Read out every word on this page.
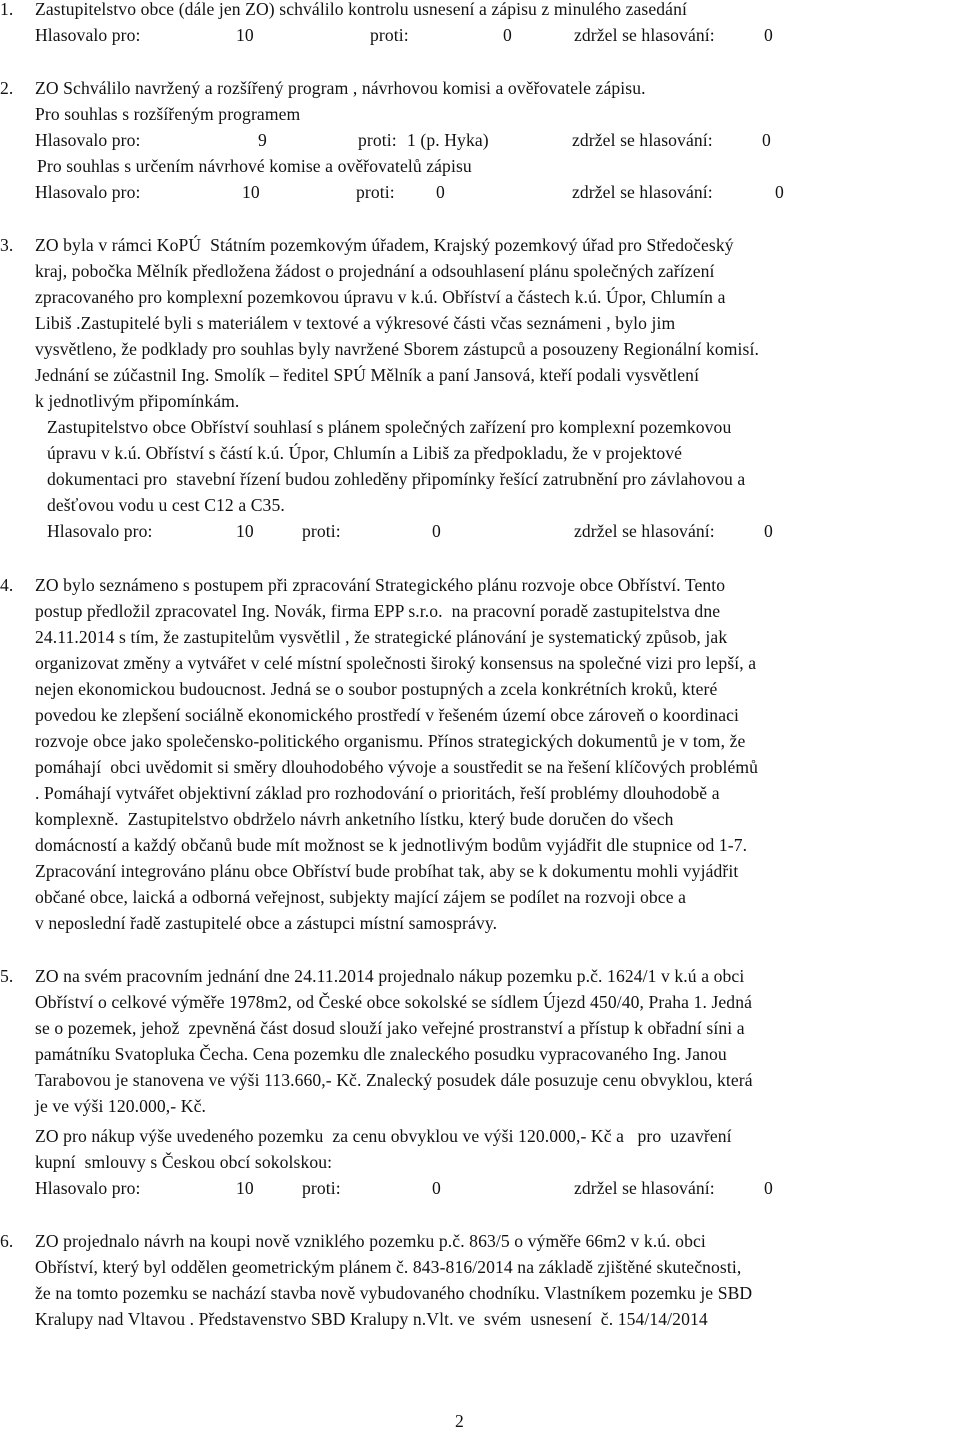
1. Zastupitelstvo obce (dále jen ZO) schválilo kontrolu usnesení a zápisu z minulého zasedání
Hlasovalo pro:	10	proti:	0	zdržel se hlasování:	0
2. ZO Schválilo navržený a rozšířený program , návrhovou komisi a ověřovatele zápisu.
Pro souhlas s rozšířeným programem
Hlasovalo pro:	9	proti: 1 (p. Hyka)	zdržel se hlasování:	0
Pro souhlas s určením návrhové komise a ověřovatelů zápisu
Hlasovalo pro:	10	proti: 0	zdržel se hlasování:	0
3. ZO byla v rámci KoPÚ  Státním pozemkovým úřadem, Krajský pozemkový úřad pro Středočeský
kraj, pobočka Mělník předložena žádost o projednání a odsouhlasení plánu společných zařízení
zpracovaného pro komplexní pozemkovou úpravu v k.ú. Obříství a částech k.ú. Úpor, Chlumín a
Libiš .Zastupitelé byli s materiálem v textové a výkresové části včas seznámeni , bylo jim
vysvětleno, že podklady pro souhlas byly navržené Sborem zástupců a posouzeny Regionální komisí.
Jednání se zúčastnil Ing. Smolík – ředitel SPÚ Mělník a paní Jansová, kteří podali vysvětlení
k jednotlivým připomínkám.
Zastupitelstvo obce Obříství souhlasí s plánem společných zařízení pro komplexní pozemkovou
úpravu v k.ú. Obříství s částí k.ú. Úpor, Chlumín a Libiš za předpokladu, že v projektové
dokumentaci pro  stavební řízení budou zohleděny připomínky řešící zatrubnění pro závlahovou a
dešťovou vodu u cest C12 a C35.
Hlasovalo pro:	10	proti:	0	zdržel se hlasování:	0
4. ZO bylo seznámeno s postupem při zpracování Strategického plánu rozvoje obce Obříství. Tento
postup předložil zpracovatel Ing. Novák, firma EPP s.r.o.  na pracovní poradě zastupitelstva dne
24.11.2014 s tím, že zastupitelům vysvětlil , že strategické plánování je systematický způsob, jak
organizovat změny a vytvářet v celé místní společnosti široký konsensus na společné vizi pro lepší, a
nejen ekonomickou budoucnost. Jedná se o soubor postupných a zcela konkrétních kroků, které
povedou ke zlepšení sociálně ekonomického prostředí v řešeném území obce zároveň o koordinaci
rozvoje obce jako společensko-politického organismu. Přínos strategických dokumentů je v tom, že
pomáhají  obci uvědomit si směry dlouhodobého vývoje a soustředit se na řešení klíčových problémů
. Pomáhají vytvářet objektivní základ pro rozhodování o prioritách, řeší problémy dlouhodobě a
komplexně.  Zastupitelstvo obdrželo návrh anketního lístku, který bude doručen do všech
domácností a každý občanů bude mít možnost se k jednotlivým bodům vyjádřit dle stupnice od 1-7.
Zpracování integrováno plánu obce Obříství bude probíhat tak, aby se k dokumentu mohli vyjádřit
občané obce, laická a odborná veřejnost, subjekty mající zájem se podílet na rozvoji obce a
v neposlední řadě zastupitelé obce a zástupci místní samosprávy.
5. ZO na svém pracovním jednání dne 24.11.2014 projednalo nákup pozemku p.č. 1624/1 v k.ú a obci
Obříství o celkové výměře 1978m2, od České obce sokolské se sídlem Újezd 450/40, Praha 1. Jedná
se o pozemek, jehož  zpevněná část dosud slouží jako veřejné prostranství a přístup k obřadní síni a
památníku Svatopluka Čecha. Cena pozemku dle znaleckého posudku vypracovaného Ing. Janou
Tarabovou je stanovena ve výši 113.660,- Kč. Znalecký posudek dále posuzuje cenu obvyklou, která
je ve výši 120.000,- Kč.
ZO pro nákup výše uvedeného pozemku  za cenu obvyklou ve výši 120.000,- Kč a   pro  uzavření
kupní  smlouvy s Českou obcí sokolskou:
Hlasovalo pro:	10	proti:	0	zdržel se hlasování:	0
6. ZO projednalo návrh na koupi nově vzniklého pozemku p.č. 863/5 o výměře 66m2 v k.ú. obci
Obříství, který byl oddělen geometrickým plánem č. 843-816/2014 na základě zjištěné skutečnosti,
že na tomto pozemku se nachází stavba nově vybudovaného chodníku. Vlastníkem pozemku je SBD
Kralupy nad Vltavou . Představenstvo SBD Kralupy n.Vlt. ve  svém  usnesení  č. 154/14/2014
2
